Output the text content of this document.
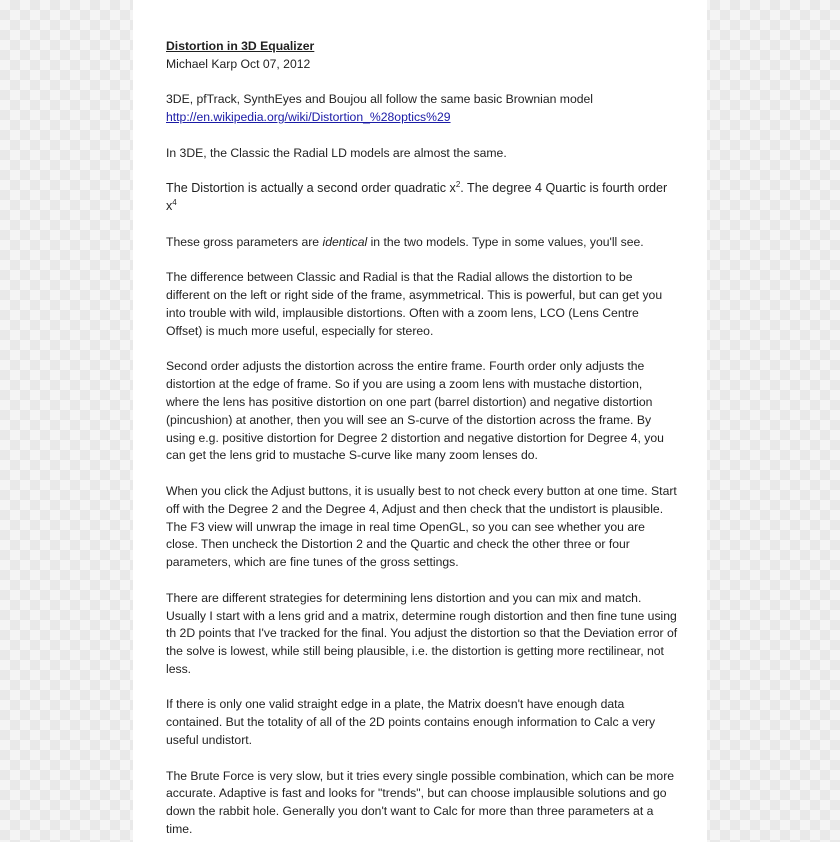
Distortion in 3D Equalizer

Michael Karp Oct 07, 2012

3DE, pfTrack, SynthEyes and Boujou all follow the same basic Brownian model
http://en.wikipedia.org/wiki/Distortion_%28optics%29

In 3DE, the Classic the Radial LD models are almost the same.

The Distortion is actually a second order quadratic $x^2$. The degree 4 Quartic is fourth order $x^4$

These gross parameters are identical in the two models. Type in some values, you'll see.

The difference between Classic and Radial is that the Radial allows the distortion to be different on the left or right side of the frame, asymmetrical. This is powerful, but can get you into trouble with wild, implausible distortions. Often with a zoom lens, LCO (Lens Centre Offset) is much more useful, especially for stereo.

Second order adjusts the distortion across the entire frame. Fourth order only adjusts the distortion at the edge of frame. So if you are using a zoom lens with mustache distortion, where the lens has positive distortion on one part (barrel distortion) and negative distortion (pincushion) at another, then you will see an S-curve of the distortion across the frame. By using e.g. positive distortion for Degree 2 distortion and negative distortion for Degree 4, you can get the lens grid to mustache S-curve like many zoom lenses do.

When you click the Adjust buttons, it is usually best to not check every button at one time. Start off with the Degree 2 and the Degree 4, Adjust and then check that the undistort is plausible. The F3 view will unwrap the image in real time OpenGL, so you can see whether you are close. Then uncheck the Distortion 2 and the Quartic and check the other three or four parameters, which are fine tunes of the gross settings.

There are different strategies for determining lens distortion and you can mix and match. Usually I start with a lens grid and a matrix, determine rough distortion and then fine tune using th 2D points that I've tracked for the final. You adjust the distortion so that the Deviation error of the solve is lowest, while still being plausible, i.e. the distortion is getting more rectilinear, not less.

If there is only one valid straight edge in a plate, the Matrix doesn't have enough data contained. But the totality of all of the 2D points contains enough information to Calc a very useful undistort.

The Brute Force is very slow, but it tries every single possible combination, which can be more accurate. Adaptive is fast and looks for "trends", but can choose implausible solutions and go down the rabbit hole. Generally you don't want to Calc for more than three parameters at a time.
